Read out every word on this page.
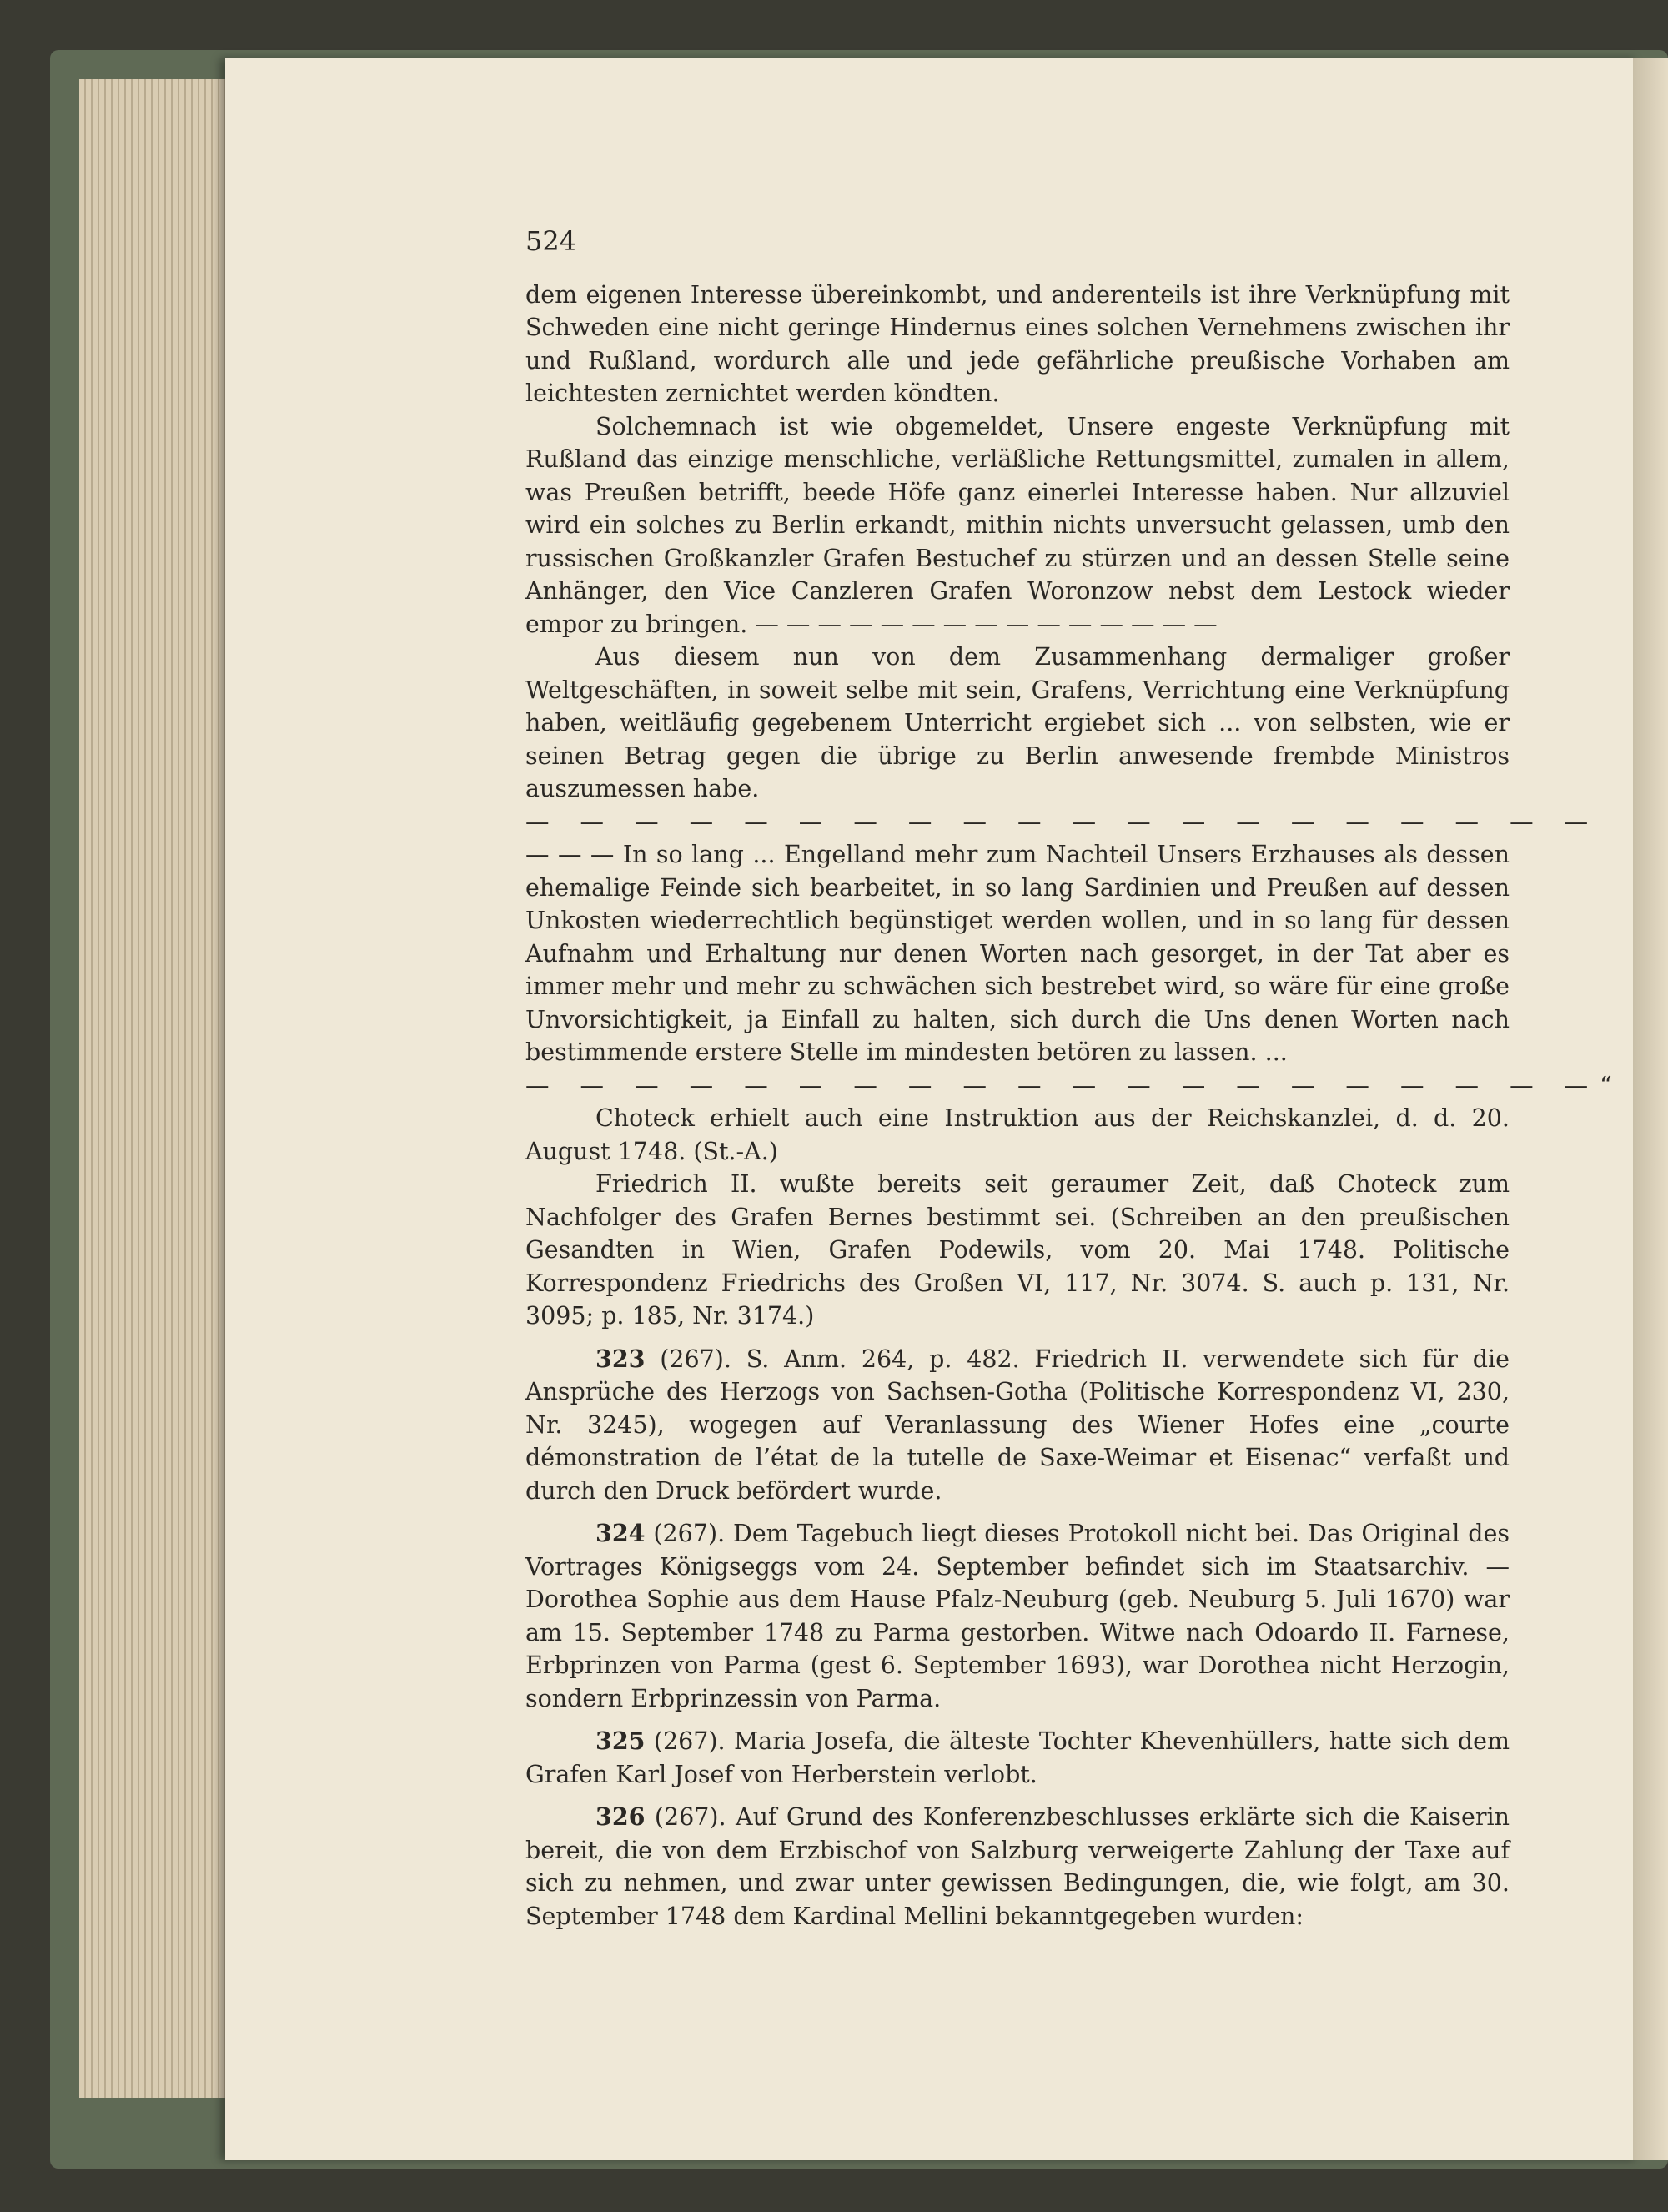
524

dem eigenen Interesse übereinkombt, und anderenteils ist ihre Verknüpfung mit Schweden eine nicht geringe Hindernus eines solchen Vernehmens zwischen ihr und Rußland, wordurch alle und jede gefährliche preußische Vorhaben am leichtesten zernichtet werden köndten.

Solchemnach ist wie obgemeldet, Unsere engeste Verknüpfung mit Rußland das einzige menschliche, verläßliche Rettungsmittel, zumalen in allem, was Preußen betrifft, beede Höfe ganz einerlei Interesse haben. Nur allzuviel wird ein solches zu Berlin erkandt, mithin nichts unversucht gelassen, umb den russischen Großkanzler Grafen Bestuchef zu stürzen und an dessen Stelle seine Anhänger, den Vice Canzleren Grafen Woronzow nebst dem Lestock wieder empor zu bringen. — — — — — — — — — — — — — — —

Aus diesem nun von dem Zusammenhang dermaliger großer Weltgeschäften, in soweit selbe mit sein, Grafens, Verrichtung eine Verknüpfung haben, weitläufig gegebenem Unterricht ergiebet sich ... von selbsten, wie er seinen Betrag gegen die übrige zu Berlin anwesende frembde Ministros auszumessen habe.

— — — — — — — — — — — — — — — — — — — —

— — — In so lang ... Engelland mehr zum Nachteil Unsers Erzhauses als dessen ehemalige Feinde sich bearbeitet, in so lang Sardinien und Preußen auf dessen Unkosten wiederrechtlich begünstiget werden wollen, und in so lang für dessen Aufnahm und Erhaltung nur denen Worten nach gesorget, in der Tat aber es immer mehr und mehr zu schwächen sich bestrebet wird, so wäre für eine große Unvorsichtigkeit, ja Einfall zu halten, sich durch die Uns denen Worten nach bestimmende erstere Stelle im mindesten betören zu lassen. ...

— — — — — — — — — — — — — — — — — — — —“

Choteck erhielt auch eine Instruktion aus der Reichskanzlei, d. d. 20. August 1748. (St.-A.)

Friedrich II. wußte bereits seit geraumer Zeit, daß Choteck zum Nachfolger des Grafen Bernes bestimmt sei. (Schreiben an den preußischen Gesandten in Wien, Grafen Podewils, vom 20. Mai 1748. Politische Korrespondenz Friedrichs des Großen VI, 117, Nr. 3074. S. auch p. 131, Nr. 3095; p. 185, Nr. 3174.)

323 (267). S. Anm. 264, p. 482. Friedrich II. verwendete sich für die Ansprüche des Herzogs von Sachsen-Gotha (Politische Korrespondenz VI, 230, Nr. 3245), wogegen auf Veranlassung des Wiener Hofes eine „courte démonstration de l’état de la tutelle de Saxe-Weimar et Eisenac“ verfaßt und durch den Druck befördert wurde.

324 (267). Dem Tagebuch liegt dieses Protokoll nicht bei. Das Original des Vortrages Königseggs vom 24. September befindet sich im Staatsarchiv. — Dorothea Sophie aus dem Hause Pfalz-Neuburg (geb. Neuburg 5. Juli 1670) war am 15. September 1748 zu Parma gestorben. Witwe nach Odoardo II. Farnese, Erbprinzen von Parma (gest 6. September 1693), war Dorothea nicht Herzogin, sondern Erbprinzessin von Parma.

325 (267). Maria Josefa, die älteste Tochter Khevenhüllers, hatte sich dem Grafen Karl Josef von Herberstein verlobt.

326 (267). Auf Grund des Konferenzbeschlusses erklärte sich die Kaiserin bereit, die von dem Erzbischof von Salzburg verweigerte Zahlung der Taxe auf sich zu nehmen, und zwar unter gewissen Bedingungen, die, wie folgt, am 30. September 1748 dem Kardinal Mellini bekanntgegeben wurden:
